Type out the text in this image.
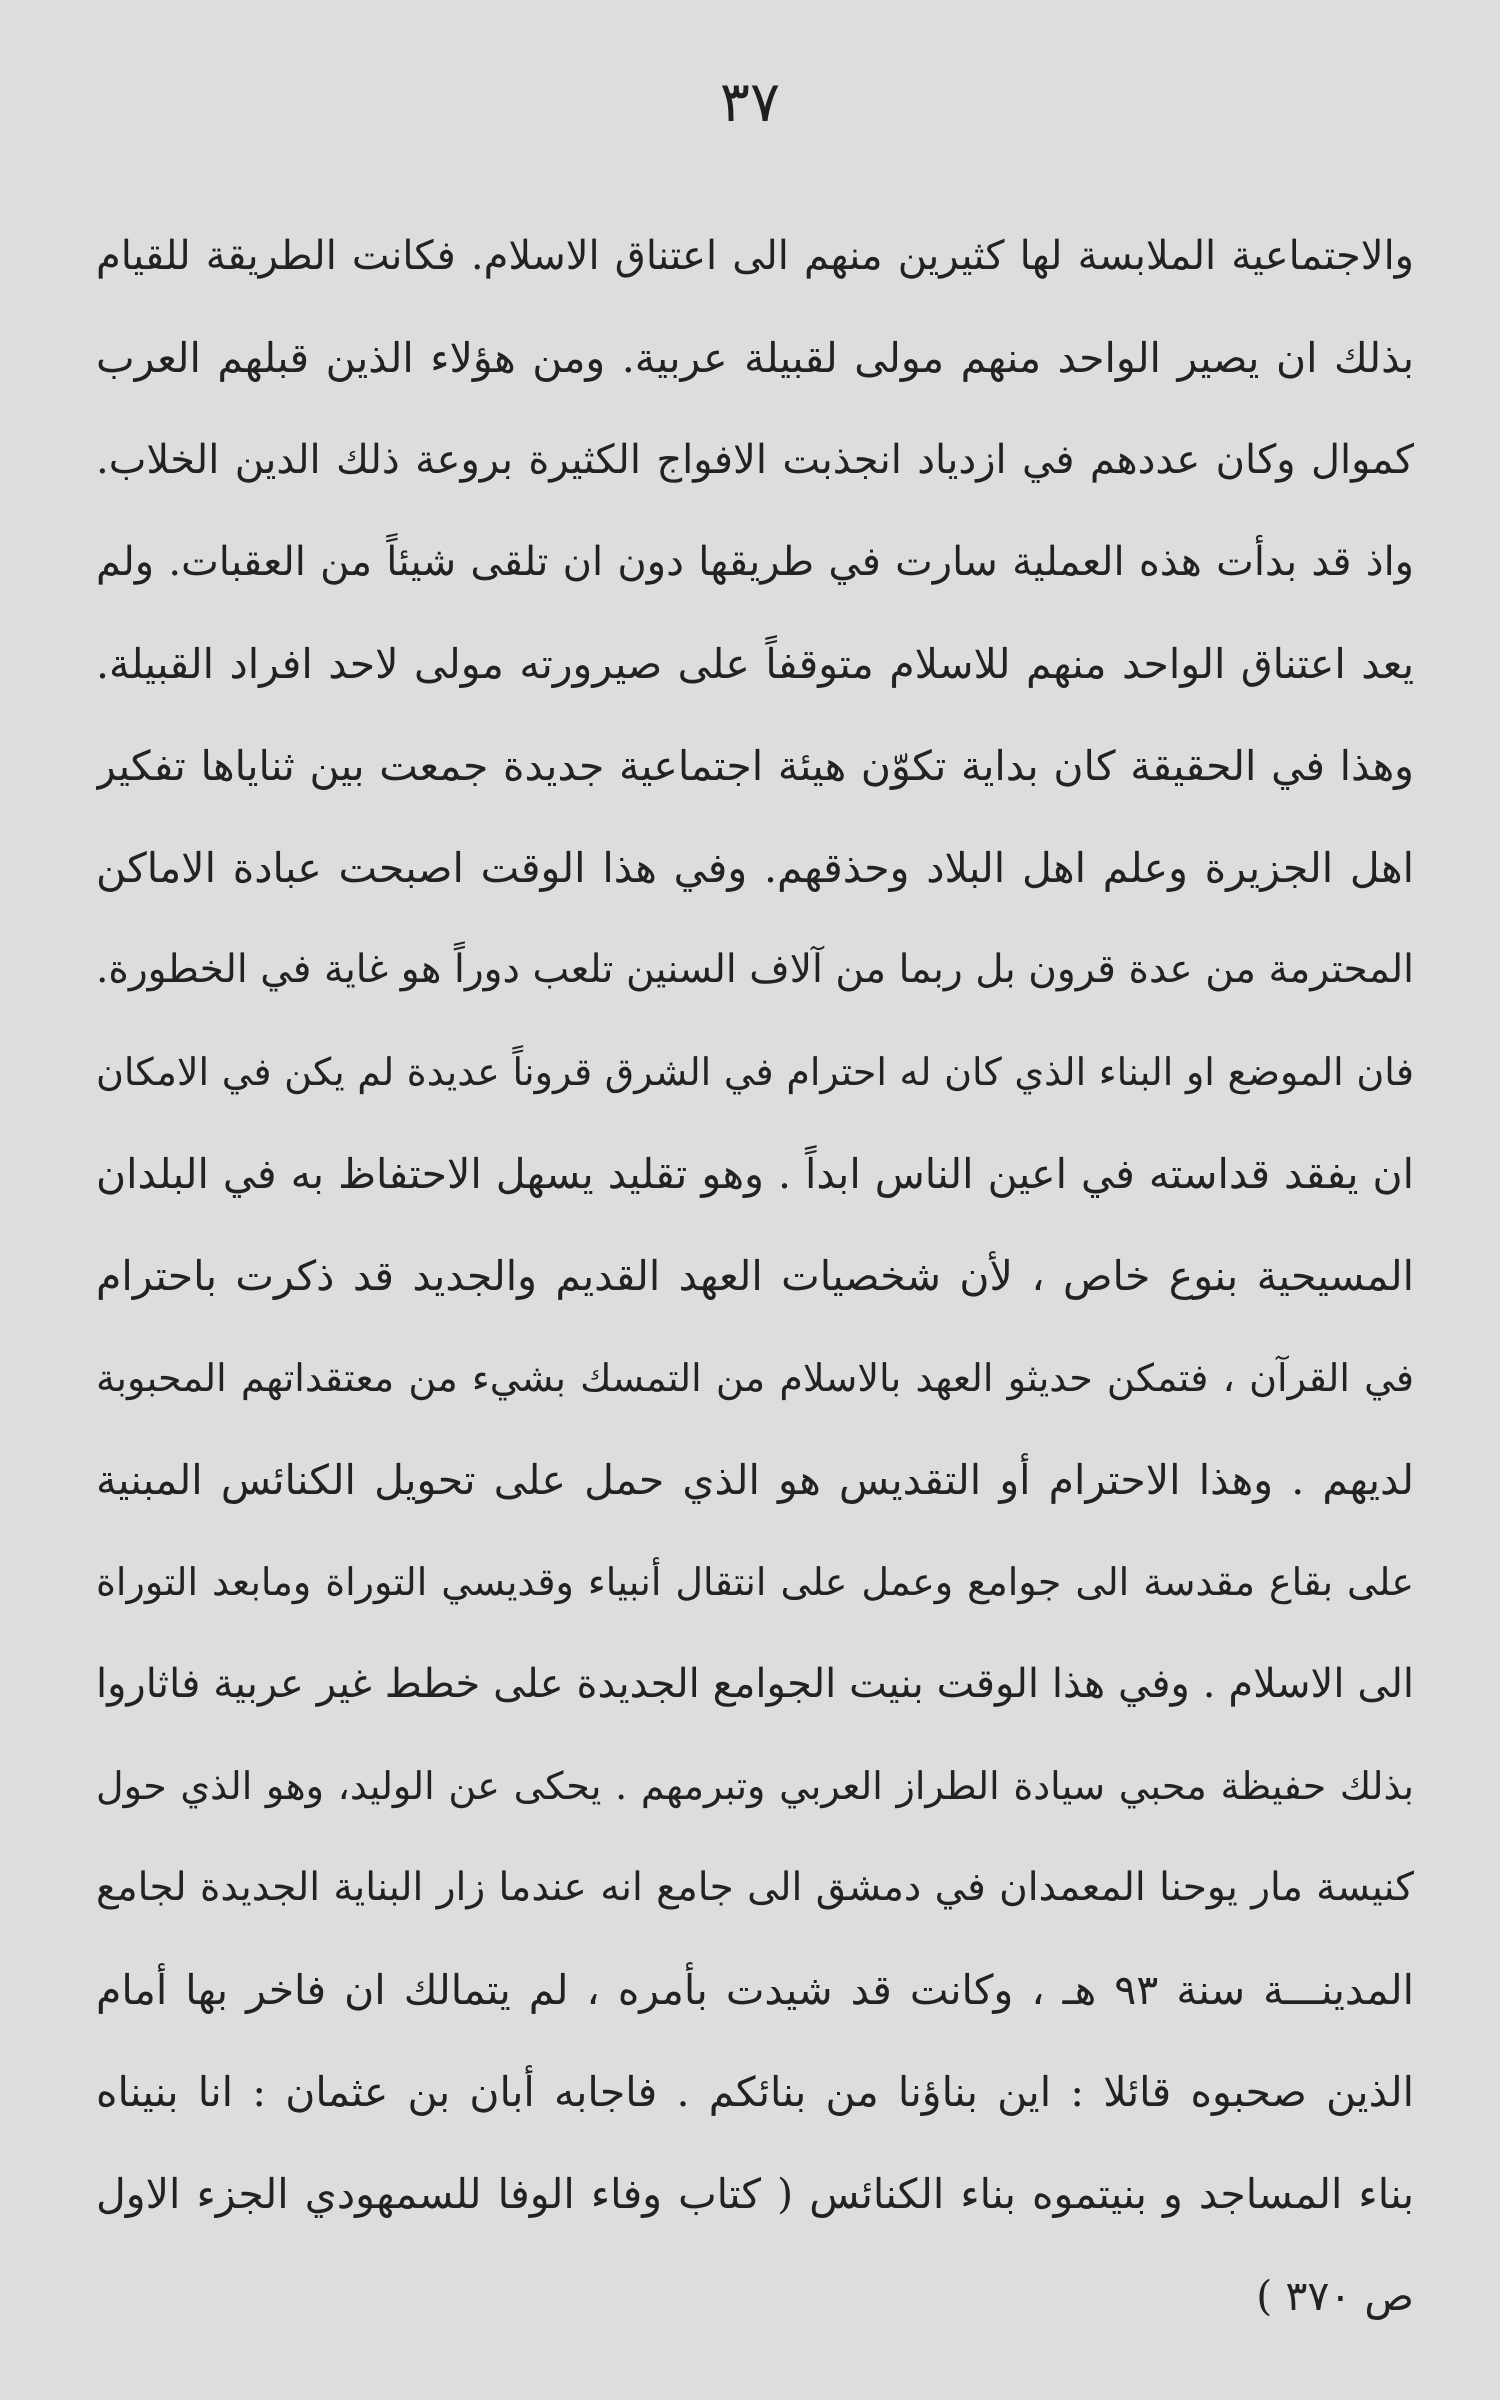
٣٧
والاجتماعية الملابسة لها كثيرين منهم الى اعتناق الاسلام. فكانت الطريقة للقيام
بذلك ان يصير الواحد منهم مولى لقبيلة عربية. ومن هؤلاء الذين قبلهم العرب
كموال وكان عددهم في ازدياد انجذبت الافواج الكثيرة بروعة ذلك الدين الخلاب.
واذ قد بدأت هذه العملية سارت في طريقها دون ان تلقى شيئاً من العقبات. ولم
يعد اعتناق الواحد منهم للاسلام متوقفاً على صيرورته مولى لاحد افراد القبيلة.
وهذا في الحقيقة كان بداية تكوّن هيئة اجتماعية جديدة جمعت بين ثناياها تفكير
اهل الجزيرة وعلم اهل البلاد وحذقهم. وفي هذا الوقت اصبحت عبادة الاماكن
المحترمة من عدة قرون بل ربما من آلاف السنين تلعب دوراً هو غاية في الخطورة.
فان الموضع او البناء الذي كان له احترام في الشرق قروناً عديدة لم يكن في الامكان
ان يفقد قداسته في اعين الناس ابداً . وهو تقليد يسهل الاحتفاظ به في البلدان
المسيحية بنوع خاص ، لأن شخصيات العهد القديم والجديد قد ذكرت باحترام
في القرآن ، فتمكن حديثو العهد بالاسلام من التمسك بشيء من معتقداتهم المحبوبة
لديهم . وهذا الاحترام أو التقديس هو الذي حمل على تحويل الكنائس المبنية
على بقاع مقدسة الى جوامع وعمل على انتقال أنبياء وقديسي التوراة ومابعد التوراة
الى الاسلام . وفي هذا الوقت بنيت الجوامع الجديدة على خطط غير عربية فاثاروا
بذلك حفيظة محبي سيادة الطراز العربي وتبرمهم . يحكى عن الوليد، وهو الذي حول
كنيسة مار يوحنا المعمدان في دمشق الى جامع انه عندما زار البناية الجديدة لجامع
المدينـــة سنة ٩٣ هـ ، وكانت قد شيدت بأمره ، لم يتمالك ان فاخر بها أمام
الذين صحبوه قائلا : اين بناؤنا من بنائكم . فاجابه أبان بن عثمان : انا بنيناه
بناء المساجد و بنيتموه بناء الكنائس ( كتاب وفاء الوفا للسمهودي الجزء الاول
ص ٣٧٠ )
